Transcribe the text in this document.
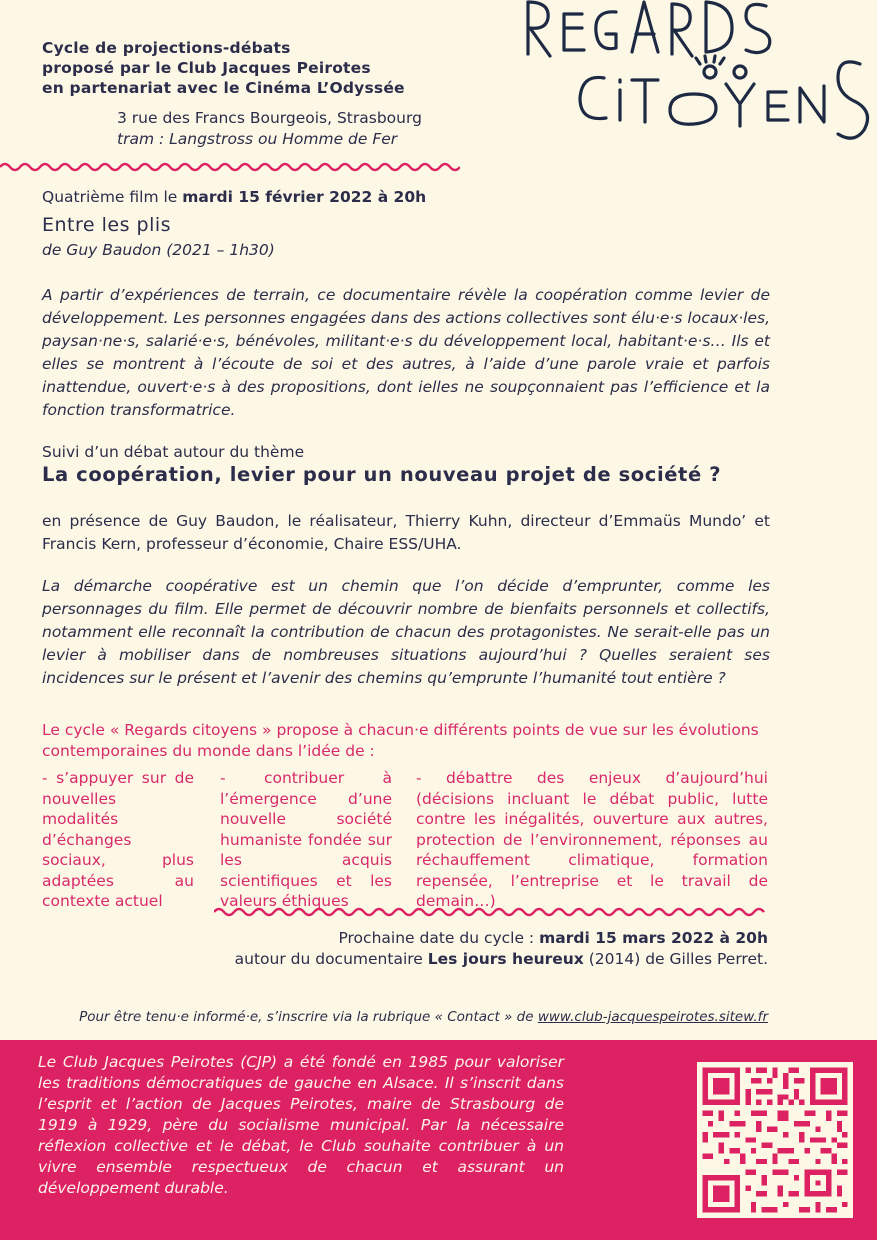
Cycle de projections-débats
proposé par le Club Jacques Peirotes
en partenariat avec le Cinéma L’Odyssée
3 rue des Francs Bourgeois, Strasbourg
tram : Langstross ou Homme de Fer
Quatrième film le mardi 15 février 2022 à 20h
Entre les plis
de Guy Baudon (2021 – 1h30)
A partir d’expériences de terrain, ce documentaire révèle la coopération comme levier de développement. Les personnes engagées dans des actions collectives sont élu·e·s locaux·les, paysan·ne·s, salarié·e·s, bénévoles, militant·e·s du développement local, habitant·e·s… Ils et elles se montrent à l’écoute de soi et des autres, à l’aide d’une parole vraie et parfois inattendue, ouvert·e·s à des propositions, dont ielles ne soupçonnaient pas l’efficience et la fonction transformatrice.
Suivi d’un débat autour du thème
La coopération, levier pour un nouveau projet de société ?
en présence de Guy Baudon, le réalisateur, Thierry Kuhn, directeur d’Emmaüs Mundo’ et Francis Kern, professeur d’économie, Chaire ESS/UHA.
La démarche coopérative est un chemin que l’on décide d’emprunter, comme les personnages du film. Elle permet de découvrir nombre de bienfaits personnels et collectifs, notamment elle reconnaît la contribution de chacun des protagonistes. Ne serait-elle pas un levier à mobiliser dans de nombreuses situations aujourd’hui ? Quelles seraient ses incidences sur le présent et l’avenir des chemins qu’emprunte l’humanité tout entière ?
Le cycle « Regards citoyens » propose à chacun·e différents points de vue sur les évolutions contemporaines du monde dans l’idée de :
- s’appuyer sur de nouvelles modalités d’échanges sociaux, plus adaptées au contexte actuel
- contribuer à l’émergence d’une nouvelle société humaniste fondée sur les acquis scientifiques et les valeurs éthiques
- débattre des enjeux d’aujourd’hui (décisions incluant le débat public, lutte contre les inégalités, ouverture aux autres, protection de l’environnement, réponses au réchauffement climatique, formation repensée, l’entreprise et le travail de demain…)
Prochaine date du cycle : mardi 15 mars 2022 à 20h
autour du documentaire Les jours heureux (2014) de Gilles Perret.
Pour être tenu·e informé·e, s’inscrire via la rubrique « Contact » de www.club-jacquespeirotes.sitew.fr
Le Club Jacques Peirotes (CJP) a été fondé en 1985 pour valoriser les traditions démocratiques de gauche en Alsace. Il s’inscrit dans l’esprit et l’action de Jacques Peirotes, maire de Strasbourg de 1919 à 1929, père du socialisme municipal. Par la nécessaire réflexion collective et le débat, le Club souhaite contribuer à un vivre ensemble respectueux de chacun et assurant un développement durable.
